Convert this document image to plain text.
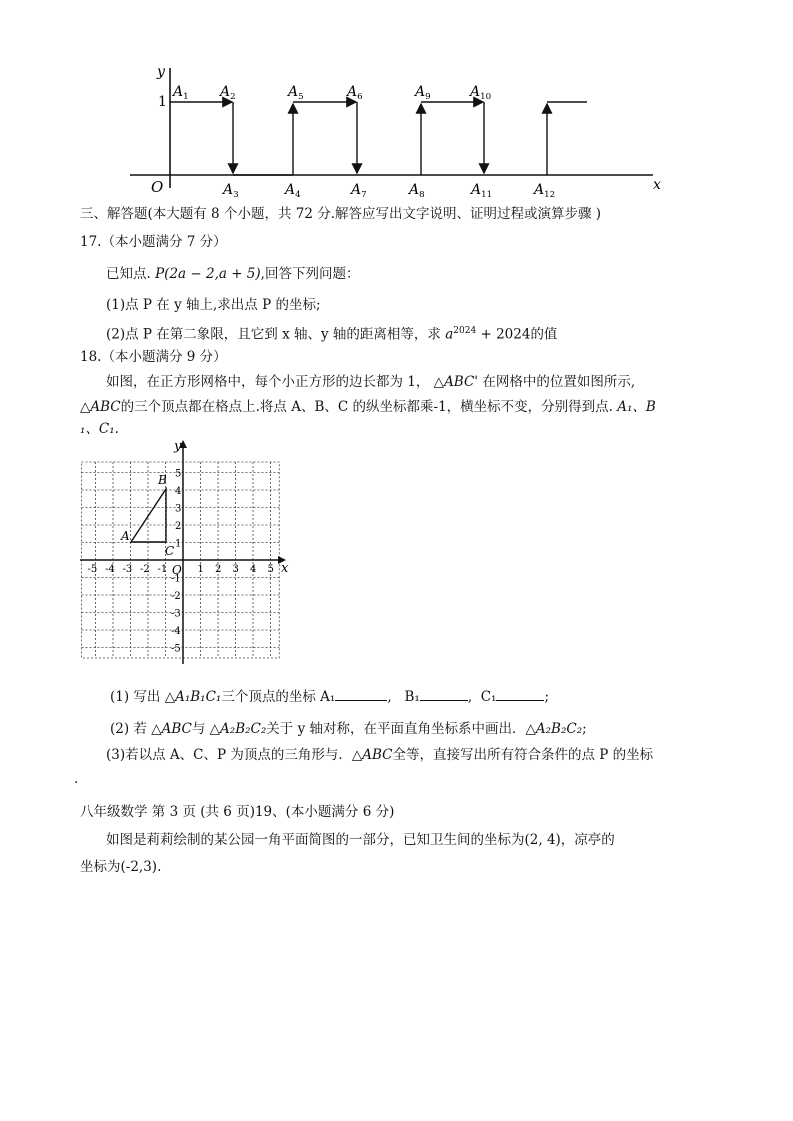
y
x
O
1
$A_1$ $A_2$	$A_5$	$A_6$	$A_9$	$A_{10}$
$A_3$	$A_4$	$A_7$	$A_8$	$A_{11}$	$A_{12}$
三、解答题(本大题有 8 个小题，共 72 分.解答应写出文字说明、证明过程或演算步骤 )
17.（本小题满分 7 分）
已知点. P(2a − 2,a + 5),回答下列问题：
(1)点 P 在 y 轴上,求出点 P 的坐标;
(2)点 P 在第二象限，且它到 x 轴、y 轴的距离相等，求 $a^{2024} + 2024$的值
18.（本小题满分 9 分）
如图，在正方形网格中，每个小正方形的边长都为 1， △ABC' 在网格中的位置如图所示,
△ABC的三个顶点都在格点上.将点 A、B、C 的纵坐标都乘-1，横坐标不变，分别得到点. A₁、B
₁、C₁.
y
x
O
-5 -4 -3 -2 -1	1 2 3 4 5
5
4
3
2
1
-1
-2
-3
-4
-5
A
B
C
(1) 写出 △A₁B₁C₁三个顶点的坐标 A₁	,   B₁	,  C₁	;
(2) 若 △ABC与 △A₂B₂C₂关于 y 轴对称，在平面直角坐标系中画出．△A₂B₂C₂;
(3)若以点 A、C、P 为顶点的三角形与．△ABC全等，直接写出所有符合条件的点 P 的坐标
.
八年级数学 第 3 页 (共 6 页)19、(本小题满分 6 分)
如图是莉莉绘制的某公园一角平面简图的一部分，已知卫生间的坐标为(2, 4)，凉亭的
坐标为(-2,3).
